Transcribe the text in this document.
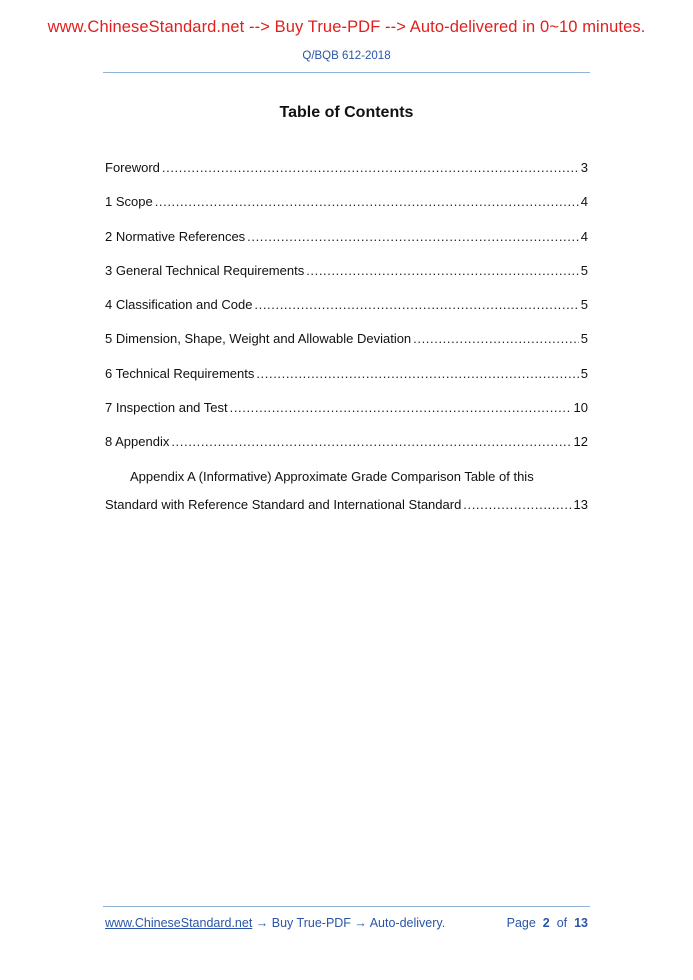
www.ChineseStandard.net --> Buy True-PDF --> Auto-delivered in 0~10 minutes.
Q/BQB 612-2018
Table of Contents
Foreword .....	3
1 Scope .....	4
2 Normative References .....	4
3 General Technical Requirements .....	5
4 Classification and Code .....	5
5 Dimension, Shape, Weight and Allowable Deviation .....	5
6 Technical Requirements .....	5
7 Inspection and Test .....	10
8 Appendix .....	12
Appendix A (Informative) Approximate Grade Comparison Table of this
Standard with Reference Standard and International Standard .....	13
www.ChineseStandard.net → Buy True-PDF → Auto-delivery.	Page 2 of 13
